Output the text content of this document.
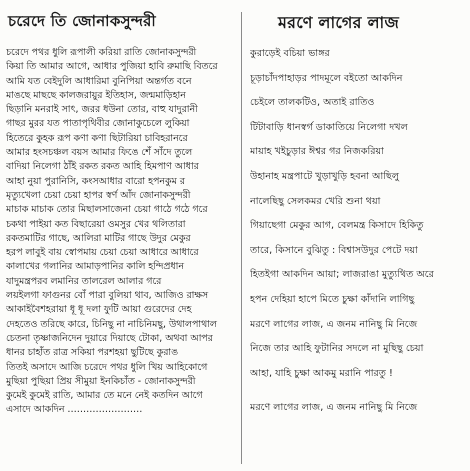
চরেদে তি জোনাকসুন্দরী
চরেদে পথর ধুলি রূপালী করিয়া রাতি জোনাকসুন্দরী
কিয়া তি আমার আগে, আধার পুজিয়া হাবি রুমাছি বিতরে
আমি যত বেইদুলি আধারিমা বুনিপিয়া অন্তর্গত বনে
মাঙছে মাছছে কালজরায়ুর ইতিহাস, জন্মমাড়িহান
ছিড়ানি মনরাই সাৎ, জরর ধউনা তোর, বাহু যাদুরানী
গাছর মুরর যত পাতাপৃথিবীর জোনাকুচেলে লুকিয়া
হিতেরে কুহক রূপ কণা কণা ছিটারিয়া চাবিহরানরে
আমার হংসচঞ্চল বয়স আমার ফিঙে শেঁ সাঁদে তুলে
বাদিয়া নিলেগা ঠাঁই রকত রকত আহি হিমপাণ আধার
আহা নুয়া পুরানিসি, কংসআধার বারো হপনকুম র
মৃত্যুখেলা চেয়া চেয়া হাপর স্বর্ণ আঁদ জোনাকসুন্দরী
মাচাক মাচাক তোর মিছালসাজেনা চেয়া গাঠে গঠে গরে
চকথা পাইয়া কত বিছারেয়া ওমসুর খের থলিতারা
রকতমাটির গাছে, আলিরা মাটির গাছে উদুর মেকুর
হরপ লাবুই বায় স্বোপমায় চেয়া চেয়া আধারে আধারে
কালাখের গলানির আমাড়পানির কালি হন্দিপ্রধান
যাদুমন্ত্রপরব লমানির তালরেল আলার গরে
লয়ইলগা ফাগুনর বোঁ পারা বুলিয়া থাব, আজিও রাক্ষস
আকাইবৈশহরায়া ধূ ধূ দলা ফুটি আয়া গুরেদের দেহ
দেহতেও তরিছে কারে, চিনিছু না নাচিনিমছু, উথালপাথাল
চেতনা তৃষ্ণাজনিদেন দুয়ারে দিয়াছে টোকা, অথবা আপর
ধানর চাহাঁত রাত্র সকিয়া পরশহয়া ছুটিছে কুরাঙ
তিতই অসাদে আজি চরেদে পথর ধুলি খিয় আহিকোগে
মুছিয়া পুছিয়া প্রিয় সীমুয়া ইনকিচাঁত - জোনাকসুন্দরী
কুমেই কুমেই রাতি, আমার তে মনে নেই কতদিন আগে
এসাদে আকদিন ……………………
মরণে লাগের লাজ
কুরাড়েই বচিয়া ভাঙ্গর
চূড়াচাঁদপাহাড়র পাদমূলে বইতো আকদিন
চেইলে তালকটিও, অতাই রাতিও
টিটাবাড়ি ধানস্বর্গ ডাকাতিয়ে নিলেগা দখল
মায়াহ খইচুড়ার ঈশ্বর গর নিজকরিয়া
উহানাহ মন্ত্রপাটে খুড়াখুড়ি হবনা আছিলু
নালেছিছু সেলকমর খেরি শুনা থয়া
গিয়াছেগা মেকুর আগ, বেলমন্ত্র কিসাদে হিকিতু
তারে, কিসানে বুঝিতু : বিশ্বাসউদুর পেটে দয়া
হিতইগা আকদিন আয়া; লাজরাঙা মুত্যুথিত অরে
হপন দেহিয়া হাপে মিতে চুক্ষা কাঁদানি লাগিছু
মরণে লাগের লাজ, এ জনম নানিছু মি নিজে
নিজে তার আহি ফুটানির সদলে না মুছিছু চেয়া
আহা, যাহি চুক্ষা আকমু মরানি পারতু !
মরণে লাগের লাজ, এ জনম নানিছু মি নিজে
